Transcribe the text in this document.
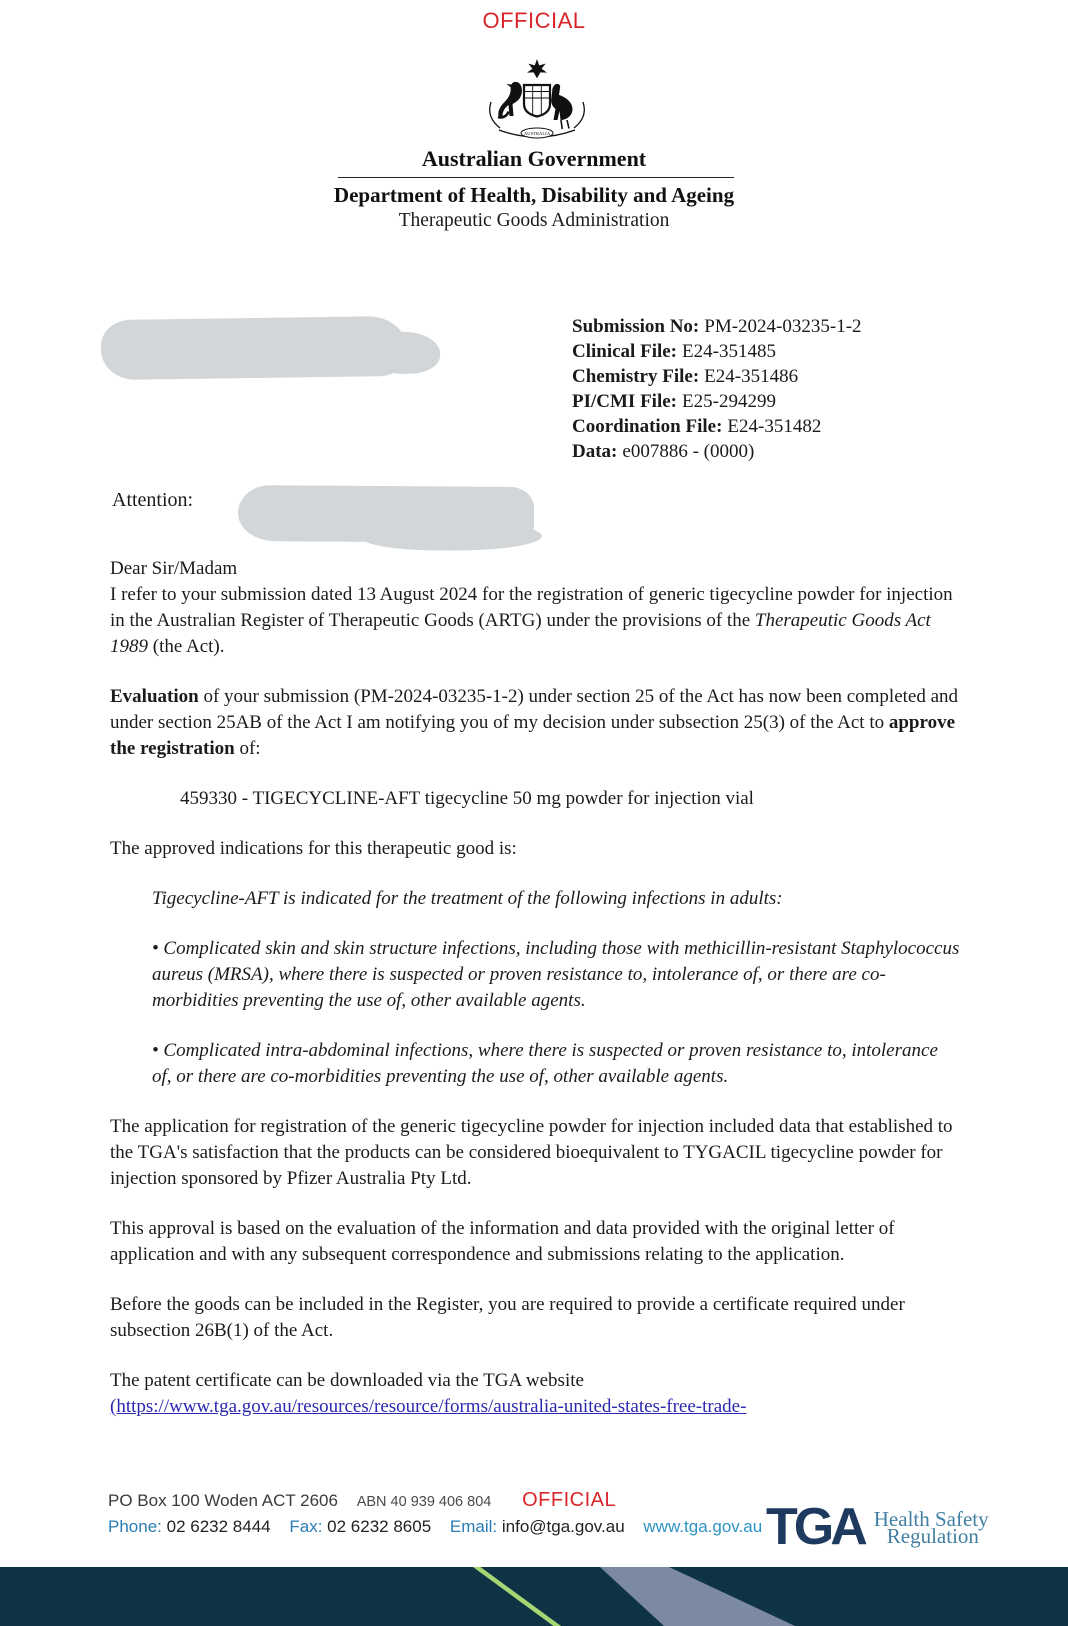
OFFICIAL
AUSTRALIA
Australian Government
Department of Health, Disability and Ageing
Therapeutic Goods Administration
Submission No: PM-2024-03235-1-2
Clinical File: E24-351485
Chemistry File: E24-351486
PI/CMI File: E25-294299
Coordination File: E24-351482
Data: e007886 - (0000)
Attention:

Dear Sir/Madam

I refer to your submission dated 13 August 2024 for the registration of generic tigecycline powder for injection in the Australian Register of Therapeutic Goods (ARTG) under the provisions of the Therapeutic Goods Act 1989 (the Act).

Evaluation of your submission (PM-2024-03235-1-2) under section 25 of the Act has now been completed and under section 25AB of the Act I am notifying you of my decision under subsection 25(3) of the Act to approve the registration of:

459330 - TIGECYCLINE-AFT tigecycline 50 mg powder for injection vial

The approved indications for this therapeutic good is:

Tigecycline-AFT is indicated for the treatment of the following infections in adults:

• Complicated skin and skin structure infections, including those with methicillin-resistant Staphylococcus aureus (MRSA), where there is suspected or proven resistance to, intolerance of, or there are co-morbidities preventing the use of, other available agents.

• Complicated intra-abdominal infections, where there is suspected or proven resistance to, intolerance of, or there are co-morbidities preventing the use of, other available agents.

The application for registration of the generic tigecycline powder for injection included data that established to the TGA's satisfaction that the products can be considered bioequivalent to TYGACIL tigecycline powder for injection sponsored by Pfizer Australia Pty Ltd.

This approval is based on the evaluation of the information and data provided with the original letter of application and with any subsequent correspondence and submissions relating to the application.

Before the goods can be included in the Register, you are required to provide a certificate required under subsection 26B(1) of the Act.

The patent certificate can be downloaded via the TGA website
(https://www.tga.gov.au/resources/resource/forms/australia-united-states-free-trade-

PO Box 100 Woden ACT 2606 ABN 40 939 406 804 OFFICIAL
Phone: 02 6232 8444 Fax: 02 6232 8605 Email: info@tga.gov.au www.tga.gov.au TGA Health Safety
Regulation
